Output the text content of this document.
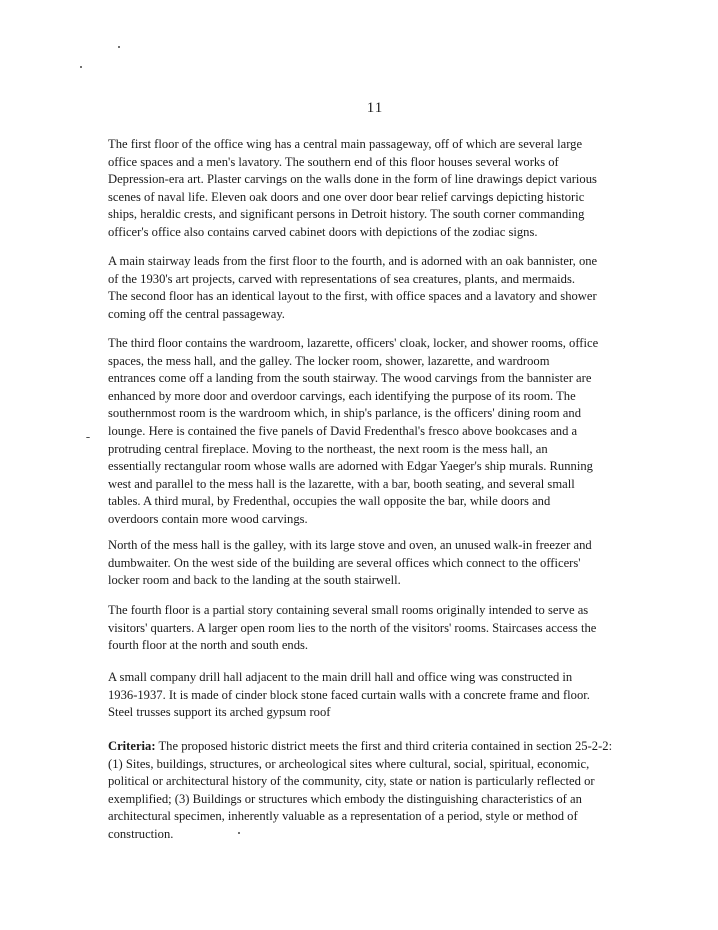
11

The first floor of the office wing has a central main passageway, off of which are several large
office spaces and a men's lavatory. The southern end of this floor houses several works of
Depression-era art. Plaster carvings on the walls done in the form of line drawings depict various
scenes of naval life. Eleven oak doors and one over door bear relief carvings depicting historic
ships, heraldic crests, and significant persons in Detroit history. The south corner commanding
officer's office also contains carved cabinet doors with depictions of the zodiac signs.

A main stairway leads from the first floor to the fourth, and is adorned with an oak bannister, one
of the 1930's art projects, carved with representations of sea creatures, plants, and mermaids.
The second floor has an identical layout to the first, with office spaces and a lavatory and shower
coming off the central passageway.

The third floor contains the wardroom, lazarette, officers' cloak, locker, and shower rooms, office
spaces, the mess hall, and the galley. The locker room, shower, lazarette, and wardroom
entrances come off a landing from the south stairway. The wood carvings from the bannister are
enhanced by more door and overdoor carvings, each identifying the purpose of its room. The
southernmost room is the wardroom which, in ship's parlance, is the officers' dining room and
lounge. Here is contained the five panels of David Fredenthal's fresco above bookcases and a
protruding central fireplace. Moving to the northeast, the next room is the mess hall, an
essentially rectangular room whose walls are adorned with Edgar Yaeger's ship murals. Running
west and parallel to the mess hall is the lazarette, with a bar, booth seating, and several small
tables. A third mural, by Fredenthal, occupies the wall opposite the bar, while doors and
overdoors contain more wood carvings.

North of the mess hall is the galley, with its large stove and oven, an unused walk-in freezer and
dumbwaiter. On the west side of the building are several offices which connect to the officers'
locker room and back to the landing at the south stairwell.

The fourth floor is a partial story containing several small rooms originally intended to serve as
visitors' quarters. A larger open room lies to the north of the visitors' rooms. Staircases access the
fourth floor at the north and south ends.

A small company drill hall adjacent to the main drill hall and office wing was constructed in
1936-1937. It is made of cinder block stone faced curtain walls with a concrete frame and floor.
Steel trusses support its arched gypsum roof

Criteria: The proposed historic district meets the first and third criteria contained in section 25-2-2:
(1) Sites, buildings, structures, or archeological sites where cultural, social, spiritual, economic,
political or architectural history of the community, city, state or nation is particularly reflected or
exemplified; (3) Buildings or structures which embody the distinguishing characteristics of an
architectural specimen, inherently valuable as a representation of a period, style or method of
construction.
